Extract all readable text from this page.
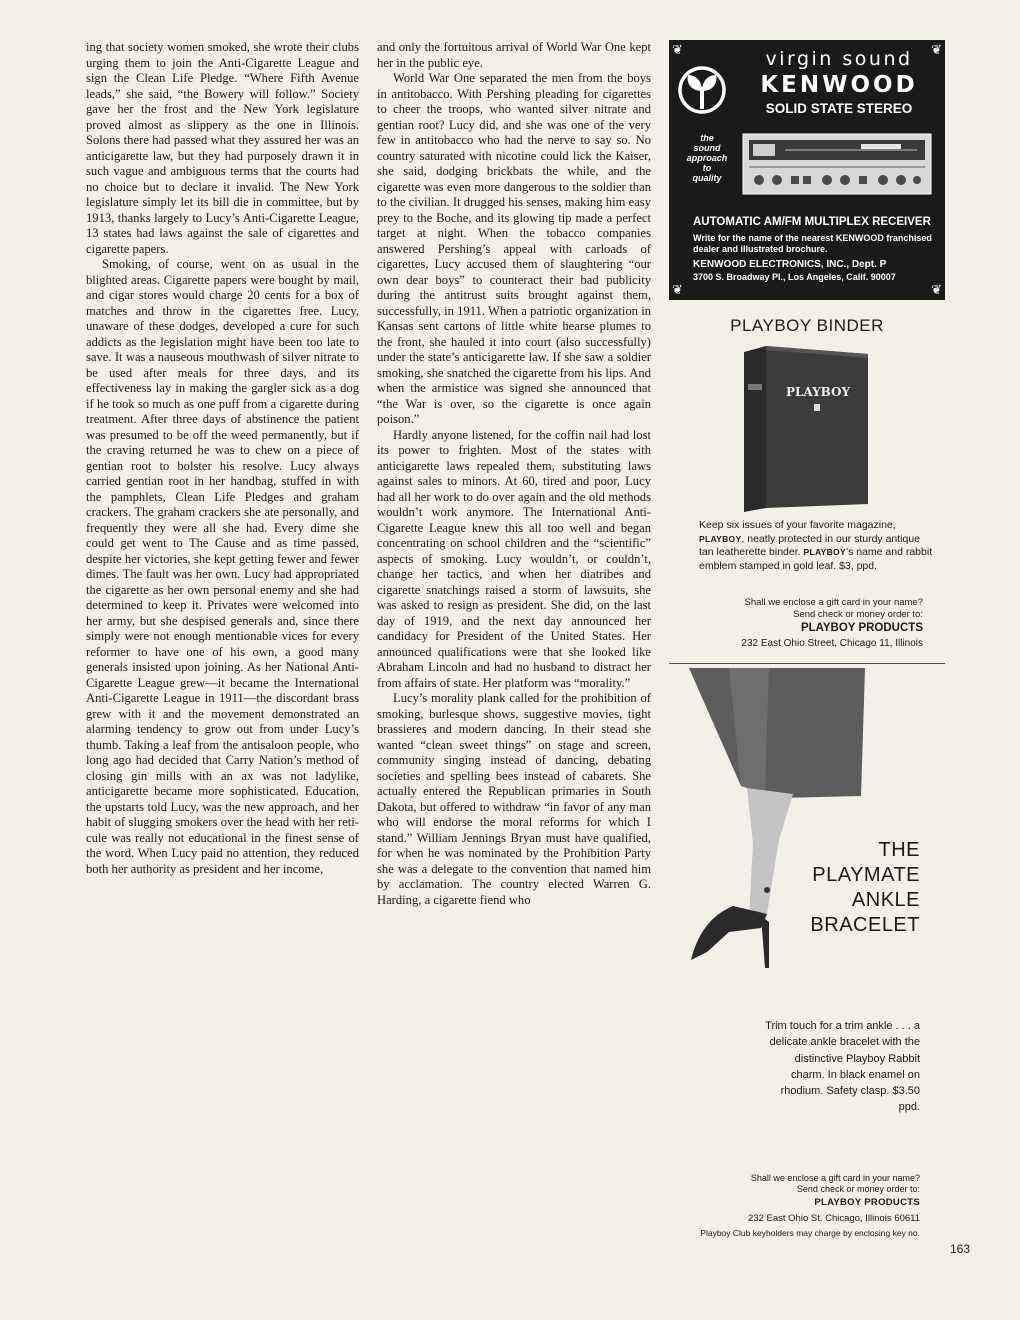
ing that society women smoked, she wrote their clubs urging them to join the Anti-Cigarette League and sign the Clean Life Pledge. “Where Fifth Avenue leads,” she said, “the Bowery will follow.” Society gave her the frost and the New York legislature proved almost as slippery as the one in Illinois. Solons there had passed what they assured her was an anticigarette law, but they had purposely drawn it in such vague and ambiguous terms that the courts had no choice but to declare it invalid. The New York legislature simply let its bill die in committee, but by 1913, thanks largely to Lucy’s Anti-Cigarette League, 13 states had laws against the sale of cigarettes and cigarette papers.

Smoking, of course, went on as usual in the blighted areas. Cigarette papers were bought by mail, and cigar stores would charge 20 cents for a box of matches and throw in the cigarettes free. Lucy, unaware of these dodges, developed a cure for such addicts as the legislation might have been too late to save. It was a nauseous mouthwash of silver nitrate to be used after meals for three days, and its effectiveness lay in making the gargler sick as a dog if he took so much as one puff from a cigarette during treatment. After three days of abstinence the patient was presumed to be off the weed permanently, but if the craving returned he was to chew on a piece of gentian root to bolster his resolve. Lucy always carried gentian root in her handbag, stuffed in with the pamphlets, Clean Life Pledges and graham crackers. The graham crackers she ate personally, and frequently they were all she had. Every dime she could get went to The Cause and as time passed, despite her victories, she kept getting fewer and fewer dimes. The fault was her own. Lucy had appropriated the cigarette as her own personal enemy and she had determined to keep it. Privates were welcomed into her army, but she despised generals and, since there simply were not enough mentionable vices for every reformer to have one of his own, a good many generals insisted upon joining. As her National Anti-Cigarette League grew—it became the International Anti-Cigarette League in 1911—the discordant brass grew with it and the movement demonstrated an alarming tendency to grow out from under Lucy’s thumb. Taking a leaf from the antisaloon people, who long ago had decided that Carry Nation’s method of closing gin mills with an ax was not ladylike, anticigarette became more sophisticated. Education, the upstarts told Lucy, was the new approach, and her habit of slugging smokers over the head with her reticule was really not educational in the finest sense of the word. When Lucy paid no attention, they reduced both her authority as president and her income,

and only the fortuitous arrival of World War One kept her in the public eye.

World War One separated the men from the boys in antitobacco. With Pershing pleading for cigarettes to cheer the troops, who wanted silver nitrate and gentian root? Lucy did, and she was one of the very few in antitobacco who had the nerve to say so. No country saturated with nicotine could lick the Kaiser, she said, dodging brickbats the while, and the cigarette was even more dangerous to the soldier than to the civilian. It drugged his senses, making him easy prey to the Boche, and its glowing tip made a perfect target at night. When the tobacco companies answered Pershing’s appeal with carloads of cigarettes, Lucy accused them of slaughtering “our own dear boys” to counteract their bad publicity during the antitrust suits brought against them, successfully, in 1911. When a patriotic organization in Kansas sent cartons of little white hearse plumes to the front, she hauled it into court (also successfully) under the state’s anticigarette law. If she saw a soldier smoking, she snatched the cigarette from his lips. And when the armistice was signed she announced that “the War is over, so the cigarette is once again poison.”

Hardly anyone listened, for the coffin nail had lost its power to frighten. Most of the states with anticigarette laws repealed them, substituting laws against sales to minors. At 60, tired and poor, Lucy had all her work to do over again and the old methods wouldn’t work anymore. The International Anti-Cigarette League knew this all too well and began concentrating on school children and the “scientific” aspects of smoking. Lucy wouldn’t, or couldn’t, change her tactics, and when her diatribes and cigarette snatchings raised a storm of lawsuits, she was asked to resign as president. She did, on the last day of 1919, and the next day announced her candidacy for President of the United States. Her announced qualifications were that she looked like Abraham Lincoln and had no husband to distract her from affairs of state. Her platform was “morality.”

Lucy’s morality plank called for the prohibition of smoking, burlesque shows, suggestive movies, tight brassieres and modern dancing. In their stead she wanted “clean sweet things” on stage and screen, community singing instead of dancing, debating societies and spelling bees instead of cabarets. She actually entered the Republican primaries in South Dakota, but offered to withdraw “in favor of any man who will endorse the moral reforms for which I stand.” William Jennings Bryan must have qualified, for when he was nominated by the Prohibition Party she was a delegate to the convention that named him by acclamation. The country elected Warren G. Harding, a cigarette fiend who

❦	❦
❦	❦
virgin sound
KENWOOD
SOLID STATE STEREO
the
sound
approach
to
quality
AUTOMATIC AM/FM MULTIPLEX RECEIVER
Write for the name of the nearest KENWOOD franchised dealer and illustrated brochure.
KENWOOD ELECTRONICS, INC., Dept. P
3700 S. Broadway Pl., Los Angeles, Calif. 90007
PLAYBOY BINDER
PLAYBOY
Keep six issues of your favorite magazine, PLAYBOY, neatly protected in our sturdy antique tan leatherette binder. PLAYBOY’s name and rabbit emblem stamped in gold leaf. $3, ppd.
Shall we enclose a gift card in your name?
Send check or money order to:
PLAYBOY PRODUCTS
232 East Ohio Street, Chicago 11, Illinois
THE
PLAYMATE
ANKLE
BRACELET
Trim touch for a trim ankle . . . a delicate ankle bracelet with the distinctive Playboy Rabbit charm. In black enamel on rhodium. Safety clasp. $3.50 ppd.
Shall we enclose a gift card in your name?
Send check or money order to:
PLAYBOY PRODUCTS
232 East Ohio St. Chicago, Illinois 60611
Playboy Club keyholders may charge by enclosing key no.
163
